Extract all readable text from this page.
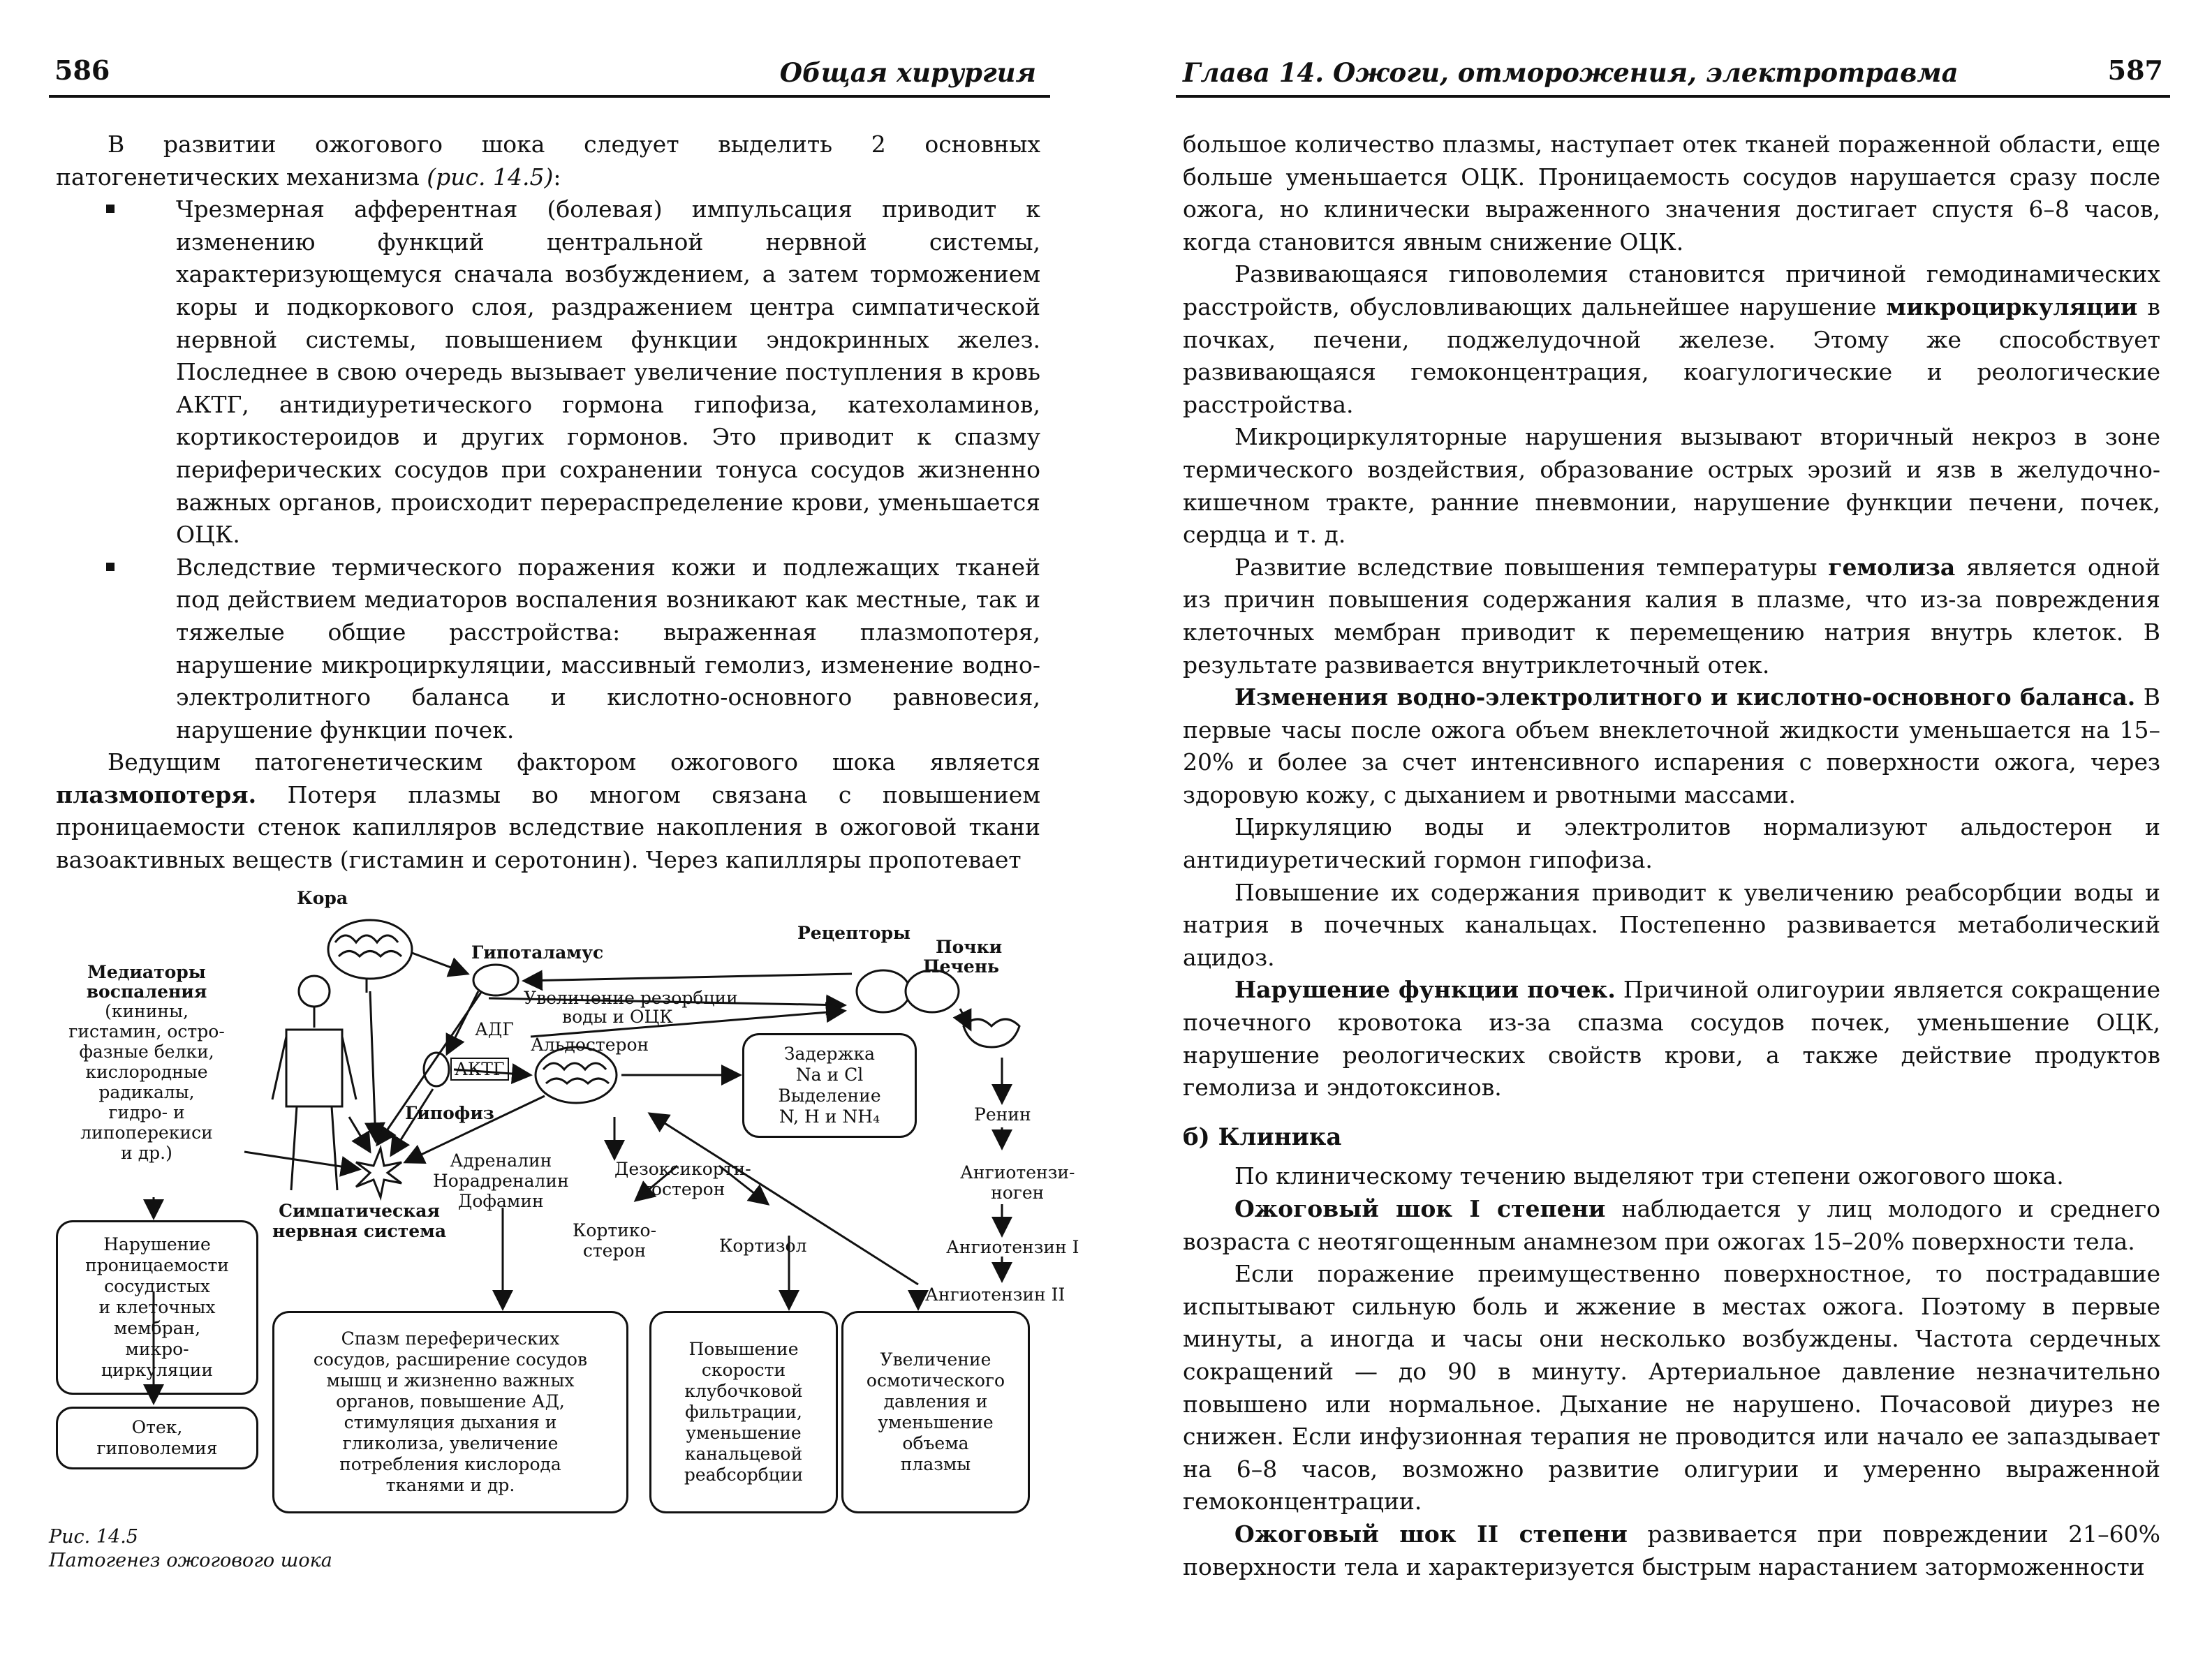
586	Общая хирургия

В развитии ожогового шока следует выделить 2 основных патогенетических механизма (рис. 14.5):

Чрезмерная афферентная (болевая) импульсация приводит к изменению функций центральной нервной системы, характеризующемуся сначала возбуждением, а затем торможением коры и подкоркового слоя, раздражением центра симпатической нервной системы, повышением функции эндокринных желез. Последнее в свою очередь вызывает увеличение поступления в кровь АКТГ, антидиуретического гормона гипофиза, катехоламинов, кортикостероидов и других гормонов. Это приводит к спазму периферических сосудов при сохранении тонуса сосудов жизненно важных органов, происходит перераспределение крови, уменьшается ОЦК.

Вследствие термического поражения кожи и подлежащих тканей под действием медиаторов воспаления возникают как местные, так и тяжелые общие расстройства: выраженная плазмопотеря, нарушение микроциркуляции, массивный гемолиз, изменение водно-электролитного баланса и кислотно-основного равновесия, нарушение функции почек.

Ведущим патогенетическим фактором ожогового шока является плазмопотеря. Потеря плазмы во многом связана с повышением проницаемости стенок капилляров вследствие накопления в ожоговой ткани вазоактивных веществ (гистамин и серотонин). Через капилляры пропотевает

Кора
Гипоталамус
Рецепторы
Почки
Печень
Увеличение резорбции
воды и ОЦК
АДГ
Альдостерон
АКТГ
Гипофиз
Медиаторы
воспаления
(кинины,
гистамин, остро-
фазные белки,
кислородные
радикалы,
гидро- и
липоперекиси
и др.)	Адреналин
Норадреналин
Дофамин
Дезоксикорти-
костерон
Симпатическая
нервная система	Кортико-
стерон	Кортизол
Ренин
Ангиотензи-
ноген
Ангиотензин I
Ангиотензин II
Задержка
Na и Cl
Выделение
N, H и NH₄
Нарушение
проницаемости
сосудистых
и клеточных
мембран,
микро-
циркуляции
Отек,
гиповолемия
Спазм переферических
сосудов, расширение сосудов
мышц и жизненно важных
органов, повышение АД,
стимуляция дыхания и
гликолиза, увеличение
потребления кислорода
тканями и др.
Повышение
скорости
клубочковой
фильтрации,
уменьшение
канальцевой
реабсорбции
Увеличение
осмотического
давления и
уменьшение
объема
плазмы
Рис. 14.5
Патогенез ожогового шока
Глава 14. Ожоги, отморожения, электротравма	587

большое количество плазмы, наступает отек тканей пораженной области, еще больше уменьшается ОЦК. Проницаемость сосудов нарушается сразу после ожога, но клинически выраженного значения достигает спустя 6–8 часов, когда становится явным снижение ОЦК.

Развивающаяся гиповолемия становится причиной гемодинамических расстройств, обусловливающих дальнейшее нарушение микроциркуляции в почках, печени, поджелудочной железе. Этому же способствует развивающаяся гемоконцентрация, коагулогические и реологические расстройства.

Микроциркуляторные нарушения вызывают вторичный некроз в зоне термического воздействия, образование острых эрозий и язв в желудочно-кишечном тракте, ранние пневмонии, нарушение функции печени, почек, сердца и т. д.

Развитие вследствие повышения температуры гемолиза является одной из причин повышения содержания калия в плазме, что из-за повреждения клеточных мембран приводит к перемещению натрия внутрь клеток. В результате развивается внутриклеточный отек.

Изменения водно-электролитного и кислотно-основного баланса. В первые часы после ожога объем внеклеточной жидкости уменьшается на 15–20% и более за счет интенсивного испарения с поверхности ожога, через здоровую кожу, с дыханием и рвотными массами.

Циркуляцию воды и электролитов нормализуют альдостерон и антидиуретический гормон гипофиза.

Повышение их содержания приводит к увеличению реабсорбции воды и натрия в почечных канальцах. Постепенно развивается метаболический ацидоз.

Нарушение функции почек. Причиной олигоурии является сокращение почечного кровотока из-за спазма сосудов почек, уменьшение ОЦК, нарушение реологических свойств крови, а также действие продуктов гемолиза и эндотоксинов.

б) Клиника

По клиническому течению выделяют три степени ожогового шока.

Ожоговый шок I степени наблюдается у лиц молодого и среднего возраста с неотягощенным анамнезом при ожогах 15–20% поверхности тела.

Если поражение преимущественно поверхностное, то пострадавшие испытывают сильную боль и жжение в местах ожога. Поэтому в первые минуты, а иногда и часы они несколько возбуждены. Частота сердечных сокращений — до 90 в минуту. Артериальное давление незначительно повышено или нормальное. Дыхание не нарушено. Почасовой диурез не снижен. Если инфузионная терапия не проводится или начало ее запаздывает на 6–8 часов, возможно развитие олигурии и умеренно выраженной гемоконцентрации.

Ожоговый шок II степени развивается при повреждении 21–60% поверхности тела и характеризуется быстрым нарастанием заторможенности
